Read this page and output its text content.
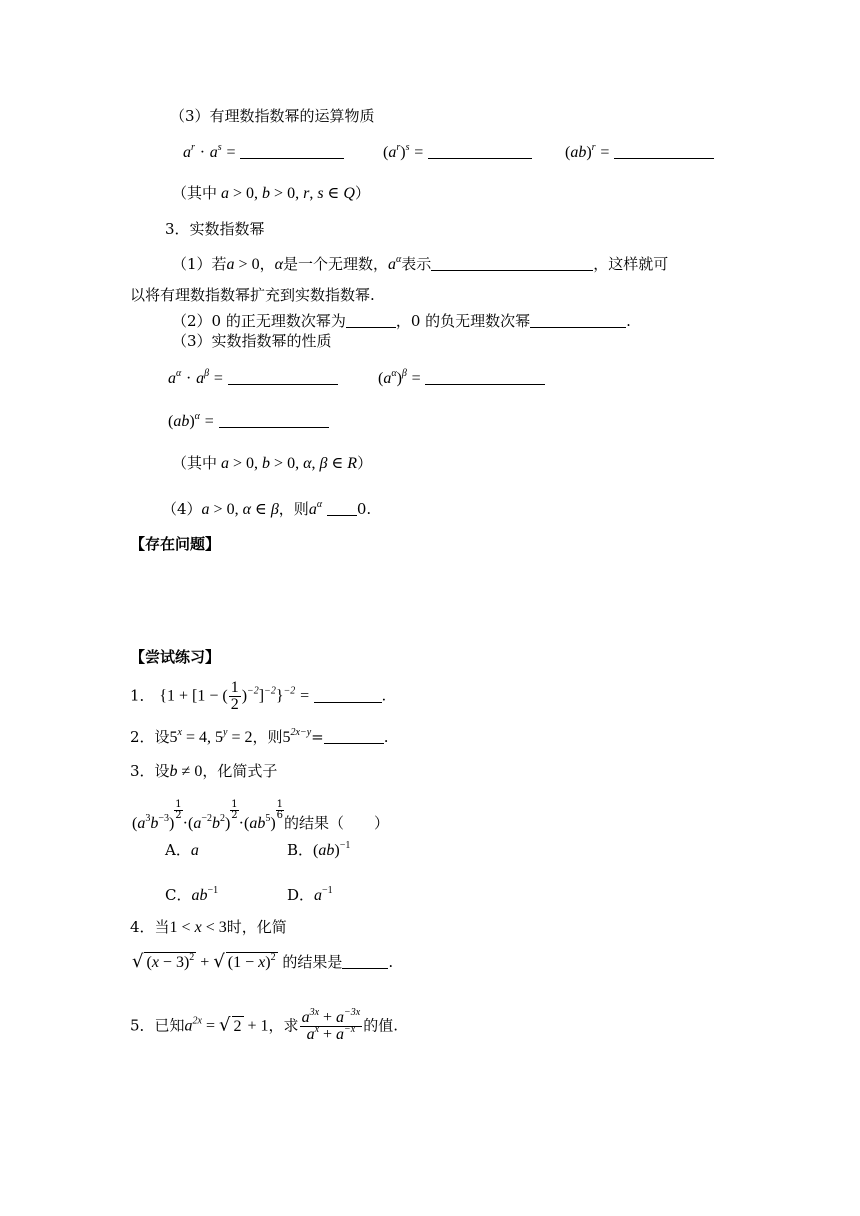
（3）有理数指数幂的运算物质
$a^r \cdot a^s$ =	$(a^r)^s$ =	(ab)$^r$ =
（其中 a > 0, b > 0, r, s ∈ Q）
3．实数指数幂
（1）若a > 0，α是一个无理数，$a^\alpha$表示	，这样就可
以将有理数指数幂扩充到实数指数幂.
（2）0 的正无理数次幂为	，0 的负无理数次幂	.
（3）实数指数幂的性质
$a^\alpha \cdot a^\beta$ =	$(a^\alpha)^\beta$ =
(ab)$^\alpha$ =
（其中 a > 0, b > 0, α, β ∈ R）
（4）a > 0, α ∈ β，则$a^\alpha$ 0.
【存在问题】
【尝试练习】
1． {1 + [1 − ( $\frac{1}{2} )^{-2}]^{-2}\}^{-2}$ =	.
2．设$5^x = 4$, $5^y = 2$，则$5^{2x-y}=$	.
3．设b ≠ 0，化简式子
$(a^3b^{-3})$
$\frac{1}{2}$
$\cdot(a^{-2}b^2)$
$\frac{1}{2}$
$\cdot(ab^5)$
$\frac{1}{6}$
的结果（　　）
A．a	B．(ab)$^{-1}$
C．$ab^{-1}$	D．$a^{-1}$
4．当1 < x < 3时，化简
√ $(x - 3)^2$ + √ $(1 - x)^2$ 的结果是	.
5．已知$a^{2x}$ = √ 2 + 1，求 $\frac{a^{3x} + a^{-3x}}{a^x + a^{-x}}$ 的值.
